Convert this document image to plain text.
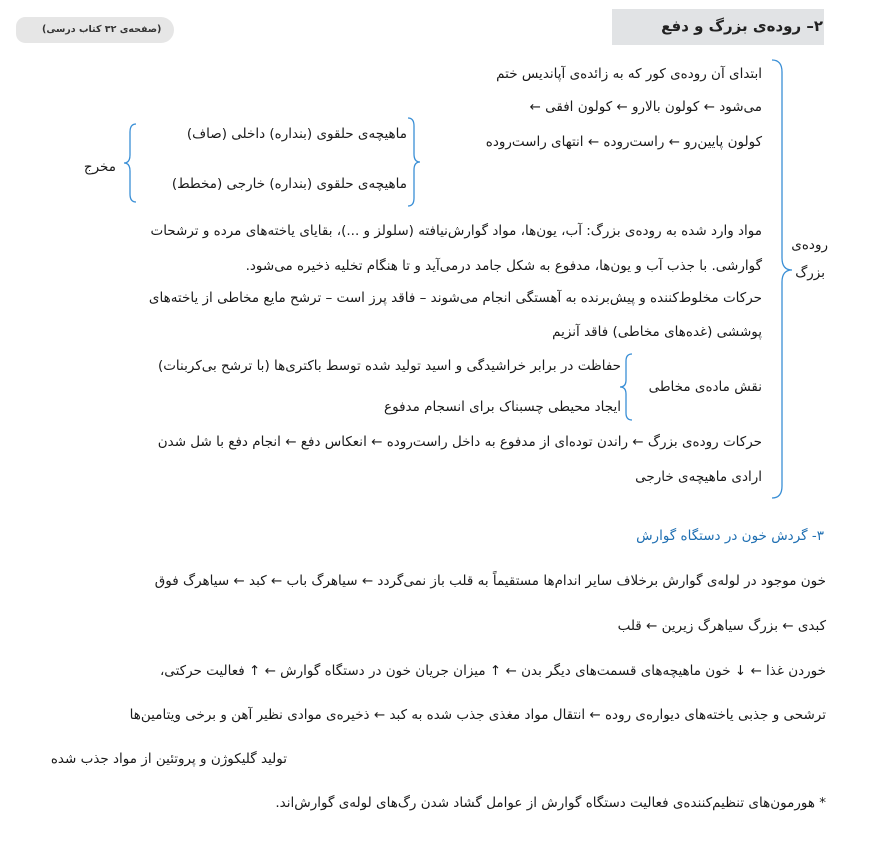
۲– روده‌ی بزرگ و دفع
(صفحه‌ی ۳۲ کتاب درسی)
روده‌ی
بزرگ
ابتدای آن روده‌ی کور که به زائده‌ی آپاندیس ختم
می‌شود ← کولون بالارو ← کولون افقی ←
کولون پایین‌رو ← راست‌روده ← انتهای راست‌روده
ماهیچه‌ی حلقوی (بنداره) داخلی (صاف)
ماهیچه‌ی حلقوی (بنداره) خارجی (مخطط)
مخرج
مواد وارد شده به روده‌ی بزرگ: آب، یون‌ها، مواد گوارش‌نیافته (سلولز و ...)، بقایای یاخته‌های مرده و ترشحات
گوارشی. با جذب آب و یون‌ها، مدفوع به شکل جامد درمی‌آید و تا هنگام تخلیه ذخیره می‌شود.
حرکات مخلوط‌کننده و پیش‌برنده به آهستگی انجام می‌شوند – فاقد پرز است – ترشح مایع مخاطی از یاخته‌های
پوششی (غده‌های مخاطی) فاقد آنزیم
نقش ماده‌ی مخاطی
حفاظت در برابر خراشیدگی و اسید تولید شده توسط باکتری‌ها (با ترشح بی‌کربنات)
ایجاد محیطی چسبناک برای انسجام مدفوع
حرکات روده‌ی بزرگ ← راندن توده‌ای از مدفوع به داخل راست‌روده ← انعکاس دفع ← انجام دفع با شل شدن
ارادی ماهیچه‌ی خارجی
۳- گردش خون در دستگاه گوارش
خون موجود در لوله‌ی گوارش برخلاف سایر اندام‌ها مستقیماً به قلب باز نمی‌گردد ← سیاهرگ باب ← کبد ← سیاهرگ فوق
کبدی ← بزرگ سیاهرگ زیرین ← قلب
خوردن غذا ← ↓ خون ماهیچه‌های قسمت‌های دیگر بدن ← ↑ میزان جریان خون در دستگاه گوارش ← ↑ فعالیت حرکتی،
ترشحی و جذبی یاخته‌های دیواره‌ی روده ← انتقال مواد مغذی جذب شده به کبد ← ذخیره‌ی موادی نظیر آهن و برخی ویتامین‌ها
تولید گلیکوژن و پروتئین از مواد جذب شده
* هورمون‌های تنظیم‌کننده‌ی فعالیت دستگاه گوارش از عوامل گشاد شدن رگ‌های لوله‌ی گوارش‌اند.
